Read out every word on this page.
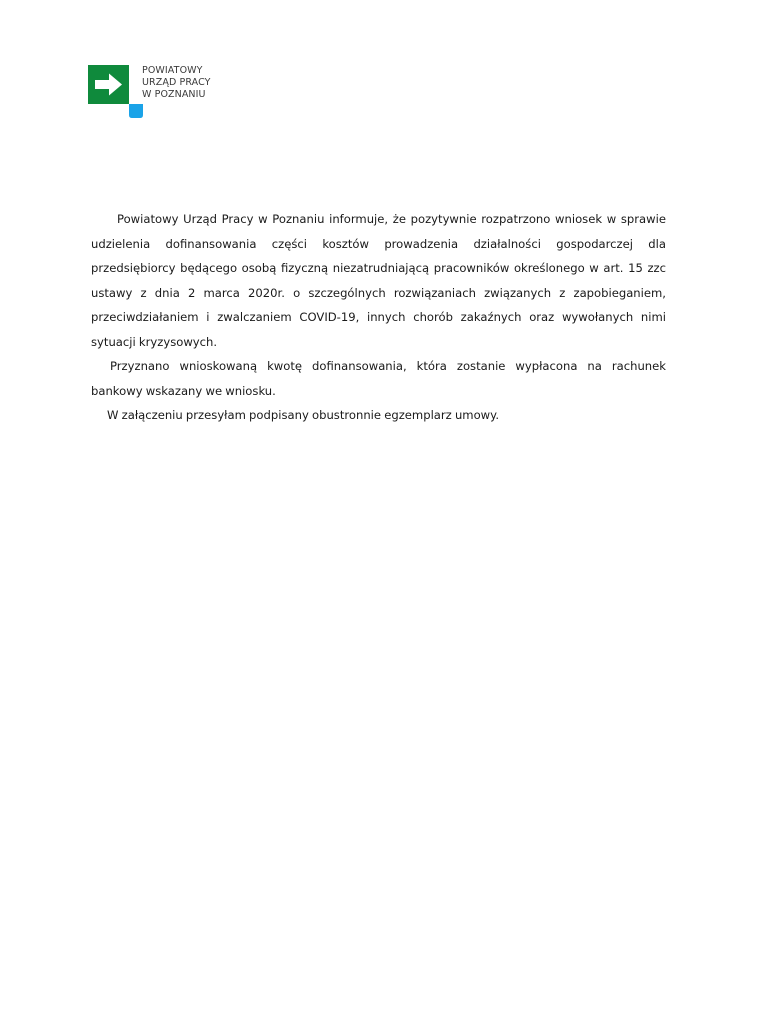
POWIATOWY
URZĄD PRACY
W POZNANIU

Powiatowy Urząd Pracy w Poznaniu informuje, że pozytywnie rozpatrzono wniosek w sprawie udzielenia dofinansowania części kosztów prowadzenia działalności gospodarczej dla przedsiębiorcy będącego osobą fizyczną niezatrudniającą pracowników określonego w art. 15 zzc ustawy z dnia 2 marca 2020r. o szczególnych rozwiązaniach związanych z zapobieganiem, przeciwdziałaniem i zwalczaniem COVID-19, innych chorób zakaźnych oraz wywołanych nimi sytuacji kryzysowych.

Przyznano wnioskowaną kwotę dofinansowania, która zostanie wypłacona na rachunek bankowy wskazany we wniosku.

W załączeniu przesyłam podpisany obustronnie egzemplarz umowy.
